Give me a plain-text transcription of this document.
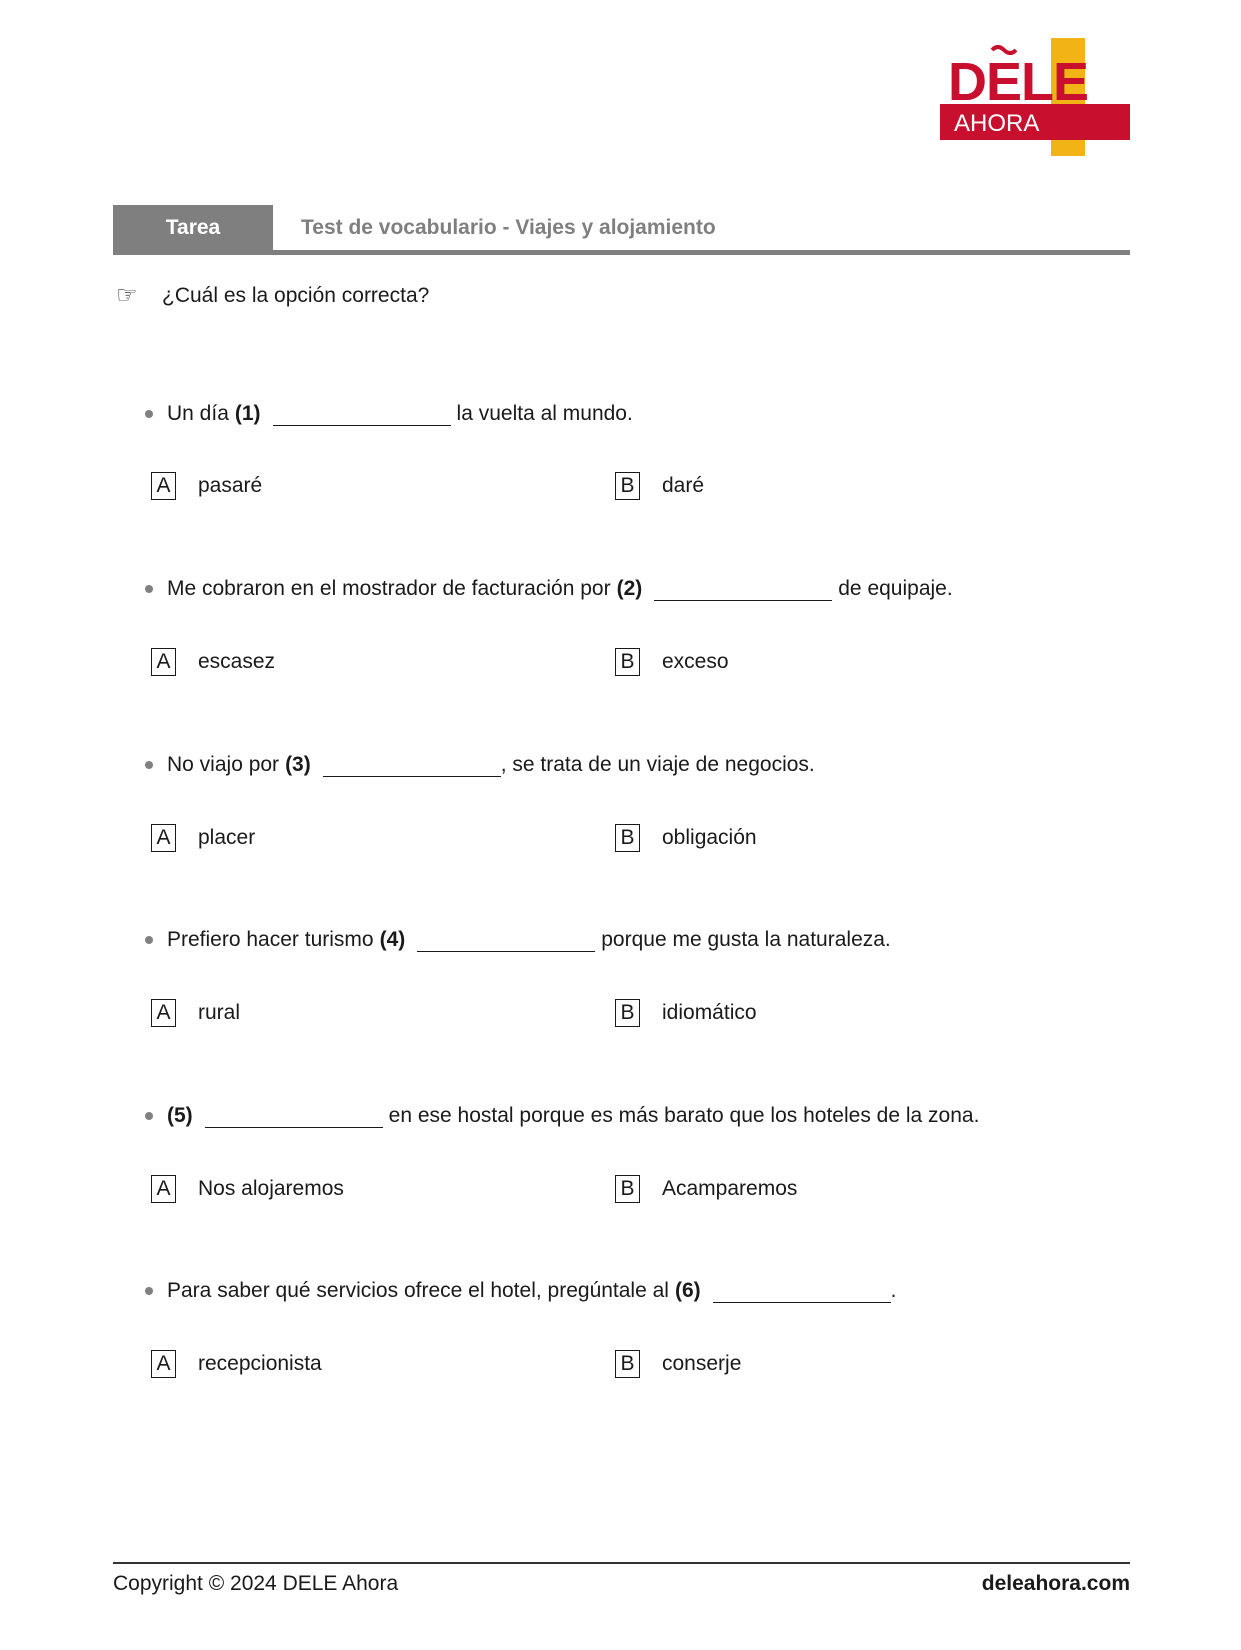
DELE
AHORA
Tarea	Test de vocabulario - Viajes y alojamiento
☞	¿Cuál es la opción correcta?
Un día (1)	la vuelta al mundo.
A pasaré	B daré
Me cobraron en el mostrador de facturación por (2)	de equipaje.
A escasez	B exceso
No viajo por (3)	, se trata de un viaje de negocios.
A placer	B obligación
Prefiero hacer turismo (4)	porque me gusta la naturaleza.
A rural	B idiomático
(5)	en ese hostal porque es más barato que los hoteles de la zona.
A Nos alojaremos	B Acamparemos
Para saber qué servicios ofrece el hotel, pregúntale al (6)	.
A recepcionista	B conserje
Copyright © 2024 DELE Ahora	deleahora.com
